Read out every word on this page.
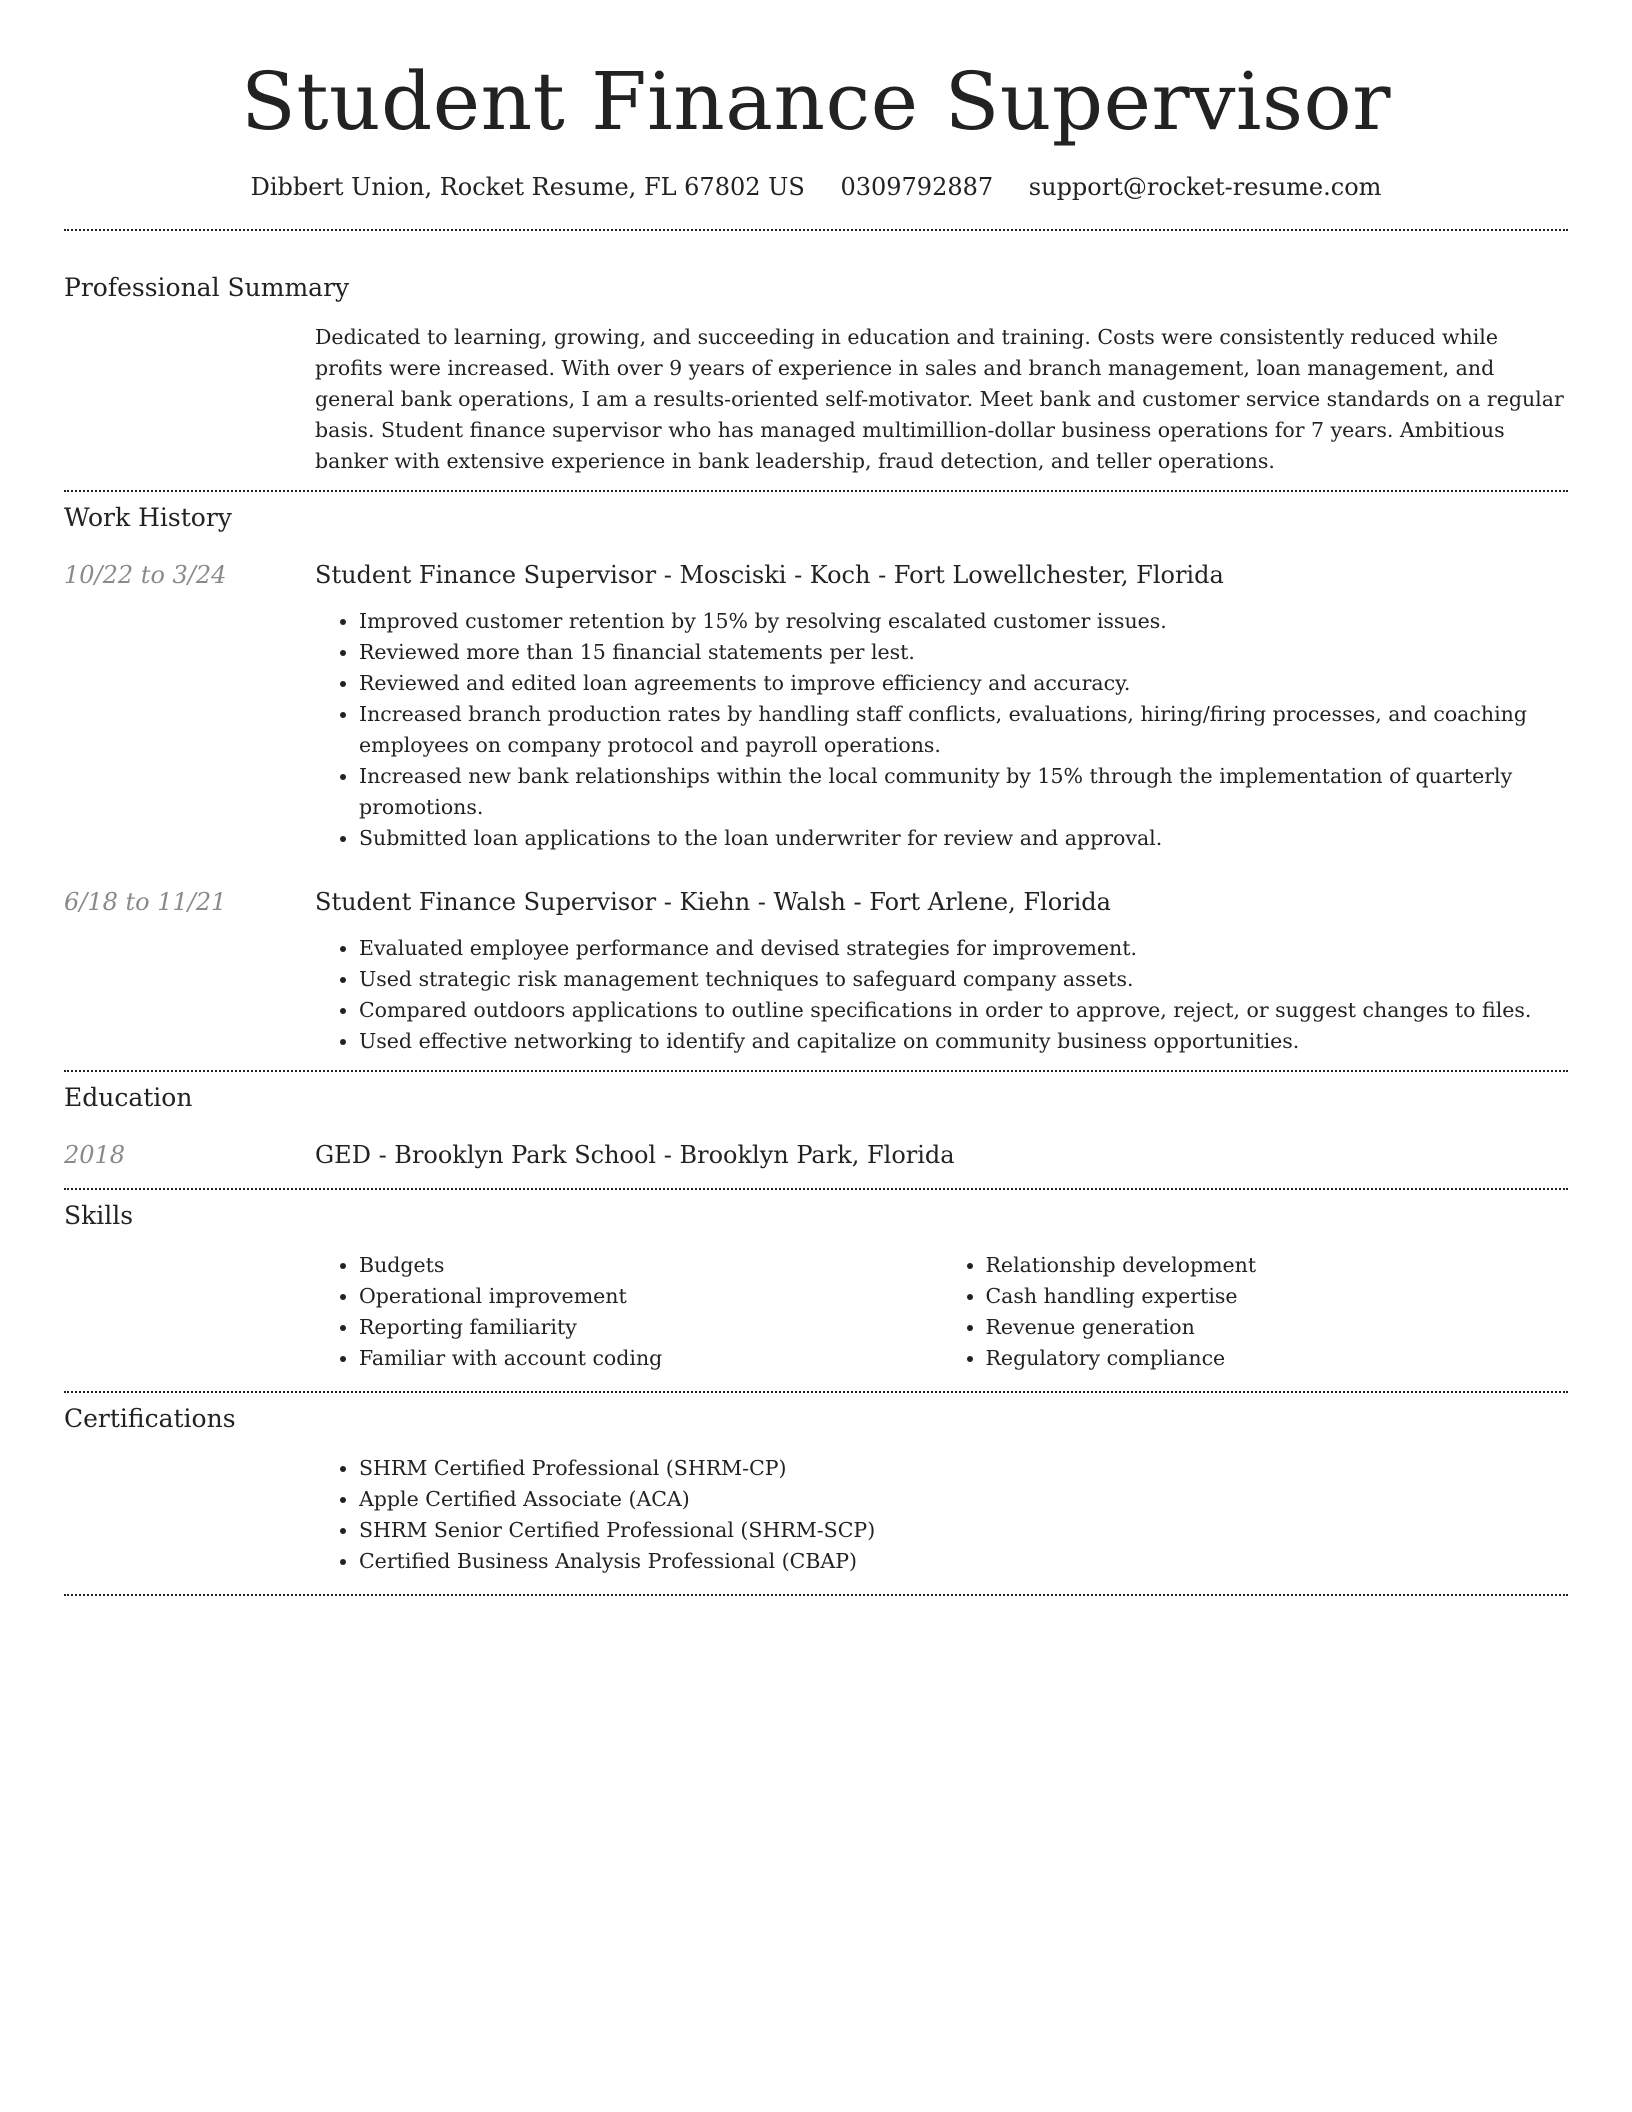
Student Finance Supervisor
Dibbert Union, Rocket Resume, FL 67802 US 0309792887 support@rocket-resume.com
Professional Summary
Dedicated to learning, growing, and succeeding in education and training. Costs were consistently reduced while profits were increased. With over 9 years of experience in sales and branch management, loan management, and general bank operations, I am a results-oriented self-motivator. Meet bank and customer service standards on a regular basis. Student finance supervisor who has managed multimillion-dollar business operations for 7 years. Ambitious banker with extensive experience in bank leadership, fraud detection, and teller operations.
Work History
10/22 to 3/24	Student Finance Supervisor - Mosciski - Koch - Fort Lowellchester, Florida
• Improved customer retention by 15% by resolving escalated customer issues.
• Reviewed more than 15 financial statements per lest.
• Reviewed and edited loan agreements to improve efficiency and accuracy.
• Increased branch production rates by handling staff conflicts, evaluations, hiring/firing processes, and coaching employees on company protocol and payroll operations.
• Increased new bank relationships within the local community by 15% through the implementation of quarterly promotions.
• Submitted loan applications to the loan underwriter for review and approval.
6/18 to 11/21	Student Finance Supervisor - Kiehn - Walsh - Fort Arlene, Florida
• Evaluated employee performance and devised strategies for improvement.
• Used strategic risk management techniques to safeguard company assets.
• Compared outdoors applications to outline specifications in order to approve, reject, or suggest changes to files.
• Used effective networking to identify and capitalize on community business opportunities.
Education
2018	GED - Brooklyn Park School - Brooklyn Park, Florida
Skills
• Budgets
• Operational improvement
• Reporting familiarity
• Familiar with account coding
• Relationship development
• Cash handling expertise
• Revenue generation
• Regulatory compliance
Certifications
• SHRM Certified Professional (SHRM-CP)
• Apple Certified Associate (ACA)
• SHRM Senior Certified Professional (SHRM-SCP)
• Certified Business Analysis Professional (CBAP)
